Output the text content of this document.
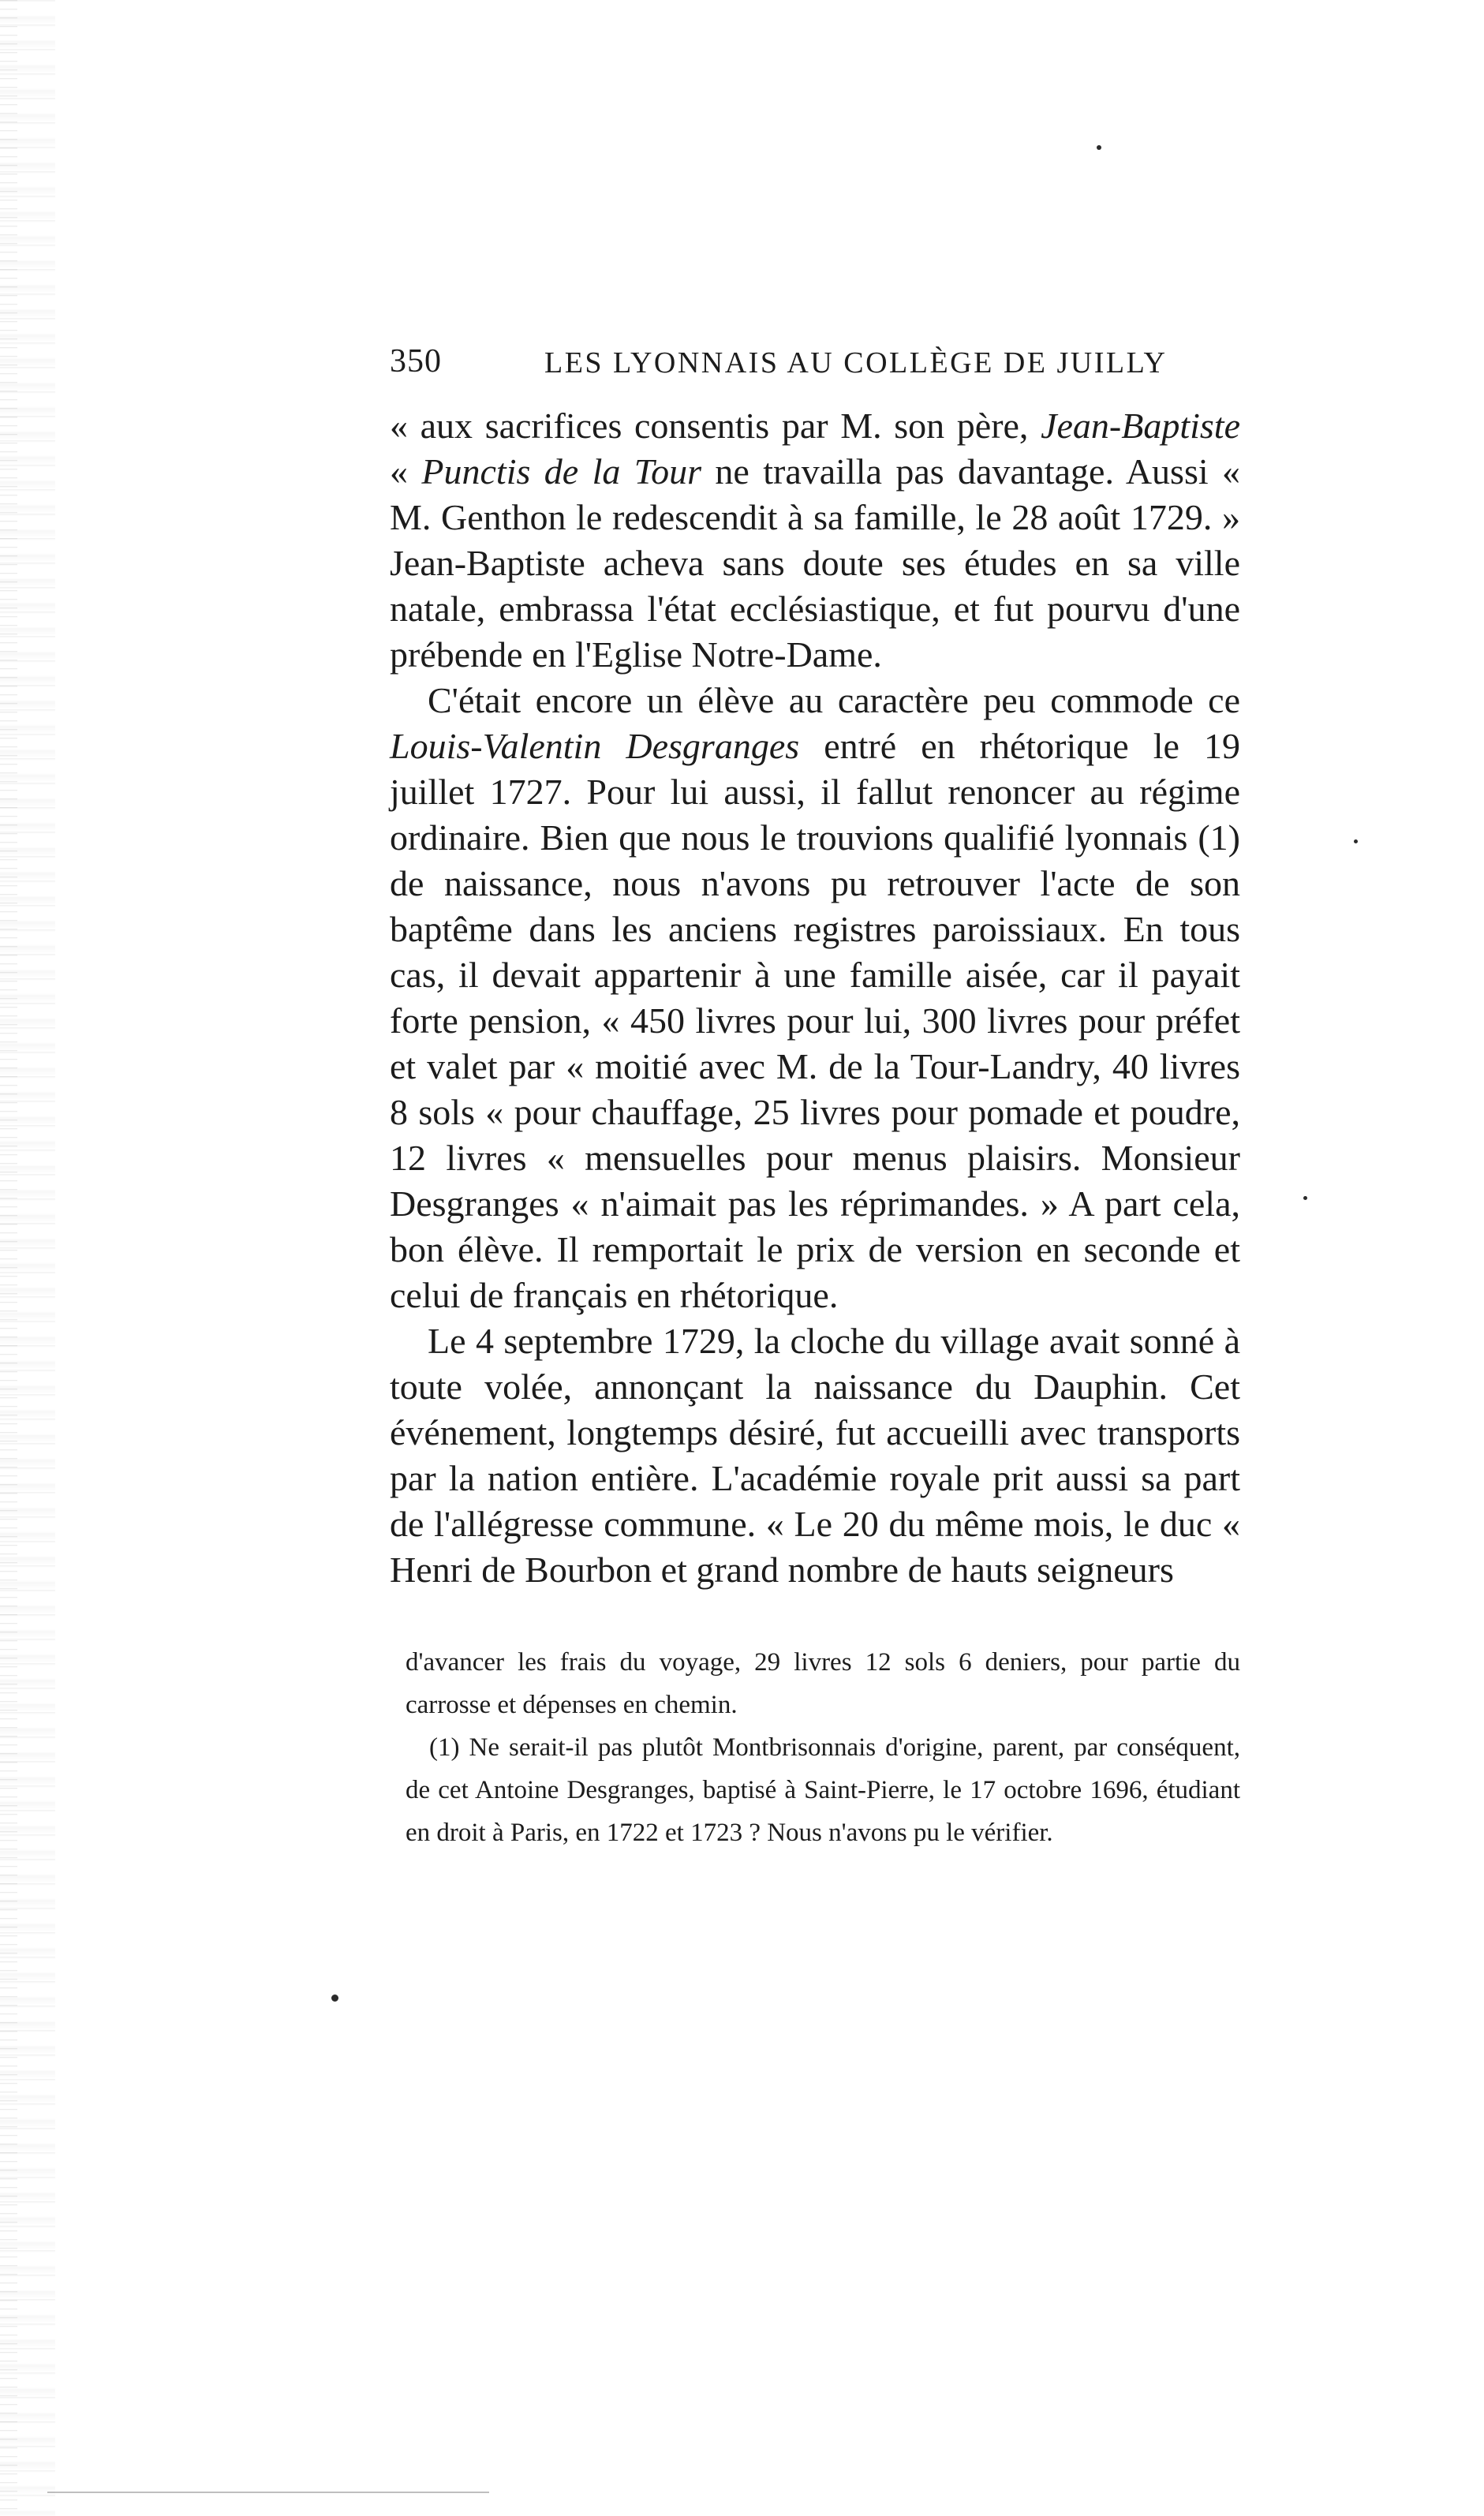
350	LES LYONNAIS AU COLLÈGE DE JUILLY

« aux sacrifices consentis par M. son père, Jean-Baptiste « Punctis de la Tour ne travailla pas davantage. Aussi « M. Genthon le redescendit à sa famille, le 28 août 1729. » Jean-Baptiste acheva sans doute ses études en sa ville natale, embrassa l'état ecclésiastique, et fut pourvu d'une prébende en l'Eglise Notre-Dame.

C'était encore un élève au caractère peu commode ce Louis-Valentin Desgranges entré en rhétorique le 19 juillet 1727. Pour lui aussi, il fallut renoncer au régime ordinaire. Bien que nous le trouvions qualifié lyonnais (1) de naissance, nous n'avons pu retrouver l'acte de son baptême dans les anciens registres paroissiaux. En tous cas, il devait appartenir à une famille aisée, car il payait forte pension, « 450 livres pour lui, 300 livres pour préfet et valet par « moitié avec M. de la Tour-Landry, 40 livres 8 sols « pour chauffage, 25 livres pour pomade et poudre, 12 livres « mensuelles pour menus plaisirs. Monsieur Desgranges « n'aimait pas les réprimandes. » A part cela, bon élève. Il remportait le prix de version en seconde et celui de français en rhétorique.

Le 4 septembre 1729, la cloche du village avait sonné à toute volée, annonçant la naissance du Dauphin. Cet événement, longtemps désiré, fut accueilli avec transports par la nation entière. L'académie royale prit aussi sa part de l'allégresse commune. « Le 20 du même mois, le duc « Henri de Bourbon et grand nombre de hauts seigneurs

d'avancer les frais du voyage, 29 livres 12 sols 6 deniers, pour partie du carrosse et dépenses en chemin.

(1) Ne serait-il pas plutôt Montbrisonnais d'origine, parent, par conséquent, de cet Antoine Desgranges, baptisé à Saint-Pierre, le 17 octobre 1696, étudiant en droit à Paris, en 1722 et 1723 ? Nous n'avons pu le vérifier.
